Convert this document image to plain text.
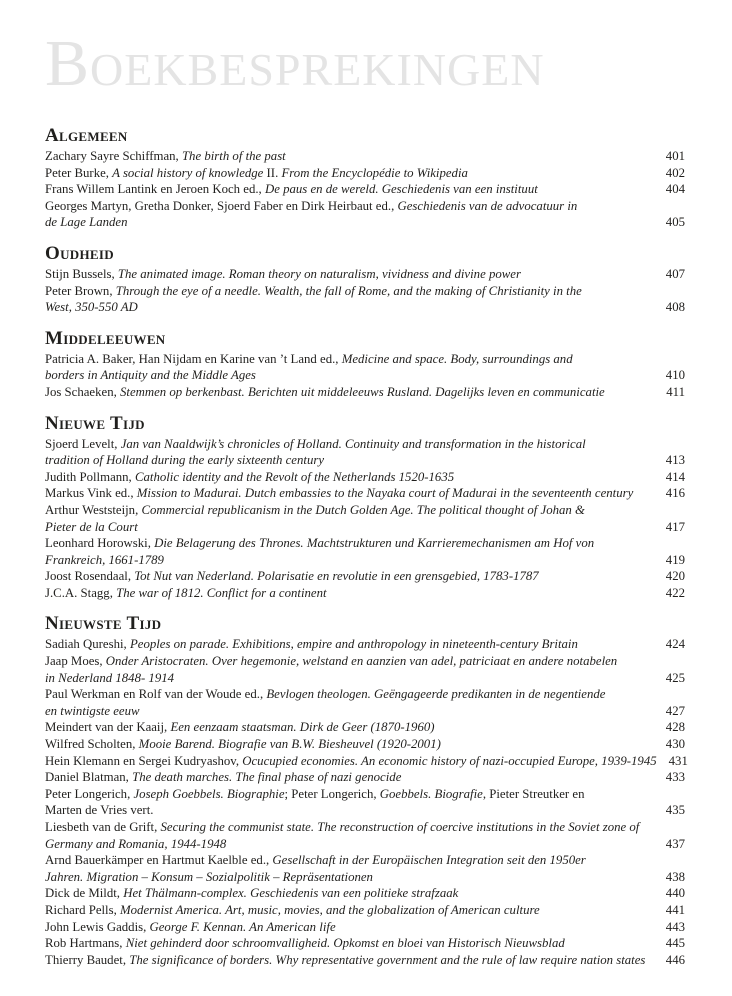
Boekbesprekingen
Algemeen
Zachary Sayre Schiffman, The birth of the past	401
Peter Burke, A social history of knowledge II. From the Encyclopédie to Wikipedia	402
Frans Willem Lantink en Jeroen Koch ed., De paus en de wereld. Geschiedenis van een instituut	404
Georges Martyn, Gretha Donker, Sjoerd Faber en Dirk Heirbaut ed., Geschiedenis van de advocatuur in
de Lage Landen	405
Oudheid
Stijn Bussels, The animated image. Roman theory on naturalism, vividness and divine power	407
Peter Brown, Through the eye of a needle. Wealth, the fall of Rome, and the making of Christianity in the
West, 350-550 AD	408
Middeleeuwen
Patricia A. Baker, Han Nijdam en Karine van ’t Land ed., Medicine and space. Body, surroundings and
borders in Antiquity and the Middle Ages	410
Jos Schaeken, Stemmen op berkenbast. Berichten uit middeleeuws Rusland. Dagelijks leven en communicatie	411
Nieuwe Tijd
Sjoerd Levelt, Jan van Naaldwijk’s chronicles of Holland. Continuity and transformation in the historical
tradition of Holland during the early sixteenth century	413
Judith Pollmann, Catholic identity and the Revolt of the Netherlands 1520-1635	414
Markus Vink ed., Mission to Madurai. Dutch embassies to the Nayaka court of Madurai in the seventeenth century	416
Arthur Weststeijn, Commercial republicanism in the Dutch Golden Age. The political thought of Johan &
Pieter de la Court	417
Leonhard Horowski, Die Belagerung des Thrones. Machtstrukturen und Karrieremechanismen am Hof von
Frankreich, 1661-1789	419
Joost Rosendaal, Tot Nut van Nederland. Polarisatie en revolutie in een grensgebied, 1783-1787	420
J.C.A. Stagg, The war of 1812. Conflict for a continent	422
Nieuwste Tijd
Sadiah Qureshi, Peoples on parade. Exhibitions, empire and anthropology in nineteenth-century Britain	424
Jaap Moes, Onder Aristocraten. Over hegemonie, welstand en aanzien van adel, patriciaat en andere notabelen
in Nederland 1848- 1914	425
Paul Werkman en Rolf van der Woude ed., Bevlogen theologen. Geëngageerde predikanten in de negentiende
en twintigste eeuw	427
Meindert van der Kaaij, Een eenzaam staatsman. Dirk de Geer (1870-1960)	428
Wilfred Scholten, Mooie Barend. Biografie van B.W. Biesheuvel (1920-2001)	430
Hein Klemann en Sergei Kudryashov, Ocucupied economies. An economic history of nazi-occupied Europe, 1939-1945 431
Daniel Blatman, The death marches. The final phase of nazi genocide	433
Peter Longerich, Joseph Goebbels. Biographie; Peter Longerich, Goebbels. Biografie, Pieter Streutker en
Marten de Vries vert.	435
Liesbeth van de Grift, Securing the communist state. The reconstruction of coercive institutions in the Soviet zone of
Germany and Romania, 1944-1948	437
Arnd Bauerkämper en Hartmut Kaelble ed., Gesellschaft in der Europäischen Integration seit den 1950er
Jahren. Migration – Konsum – Sozialpolitik – Repräsentationen	438
Dick de Mildt, Het Thälmann-complex. Geschiedenis van een politieke strafzaak	440
Richard Pells, Modernist America. Art, music, movies, and the globalization of American culture	441
John Lewis Gaddis, George F. Kennan. An American life	443
Rob Hartmans, Niet gehinderd door schroomvalligheid. Opkomst en bloei van Historisch Nieuwsblad	445
Thierry Baudet, The significance of borders. Why representative government and the rule of law require nation states	446
